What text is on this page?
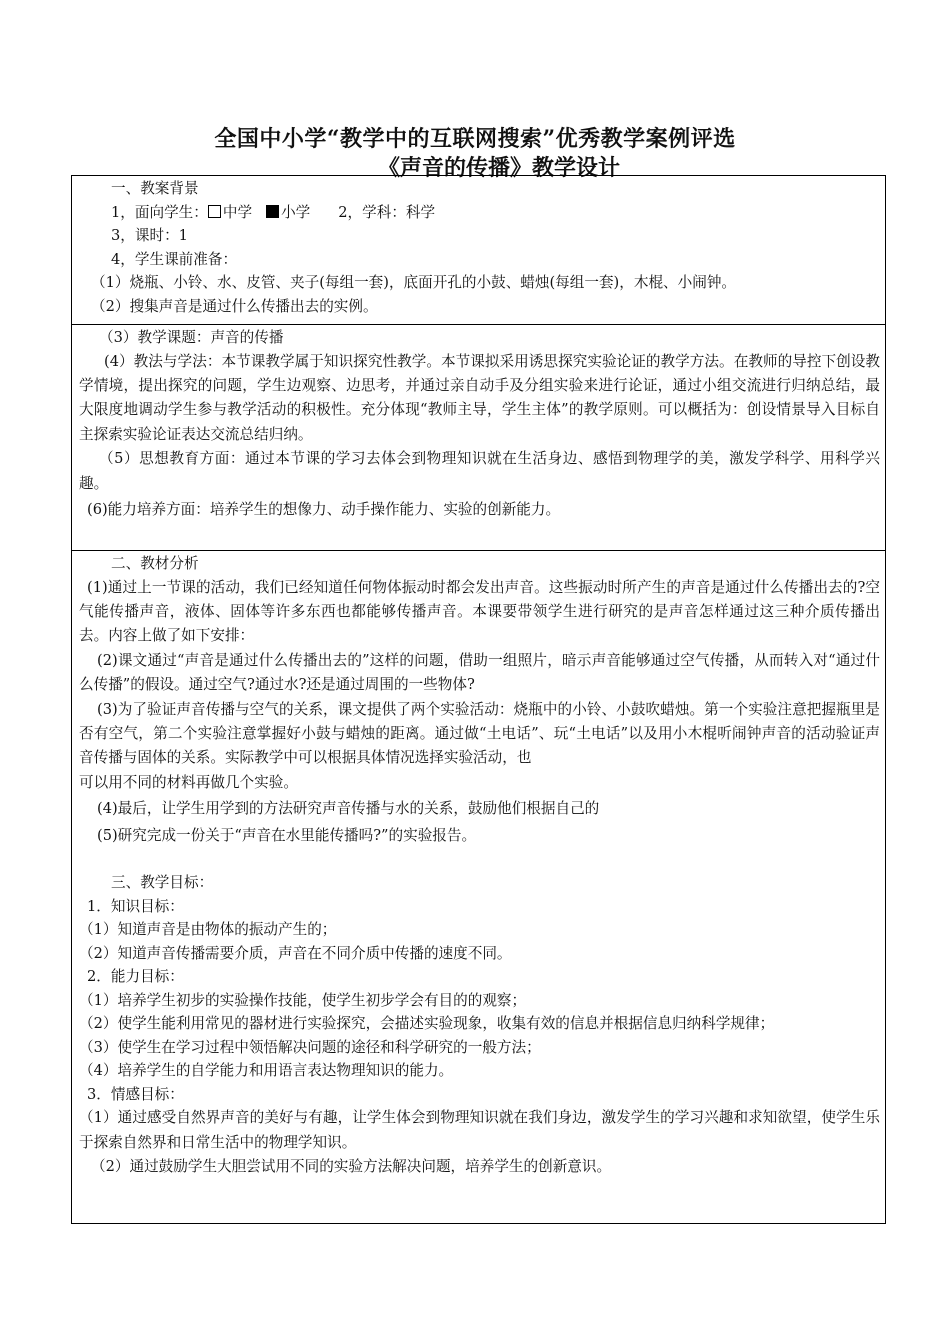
全国中小学“教学中的互联网搜索”优秀教学案例评选
《声音的传播》教学设计
一、教案背景
1，面向学生： 中学 小学 2，学科：科学
3，课时：1
4，学生课前准备：
（1）烧瓶、小铃、水、皮管、夹子(每组一套)，底面开孔的小鼓、蜡烛(每组一套)，木棍、小闹钟。
（2）搜集声音是通过什么传播出去的实例。
（3）教学课题：声音的传播
(4）教法与学法：本节课教学属于知识探究性教学。本节课拟采用诱思探究实验论证的教学方法。在教师的导控下创设教学情境，提出探究的问题，学生边观察、边思考，并通过亲自动手及分组实验来进行论证，通过小组交流进行归纳总结，最大限度地调动学生参与教学活动的积极性。充分体现“教师主导，学生主体”的教学原则。可以概括为：创设情景导入目标自主探索实验论证表达交流总结归纳。
（5）思想教育方面：通过本节课的学习去体会到物理知识就在生活身边、感悟到物理学的美，激发学科学、用科学兴趣。
(6)能力培养方面：培养学生的想像力、动手操作能力、实验的创新能力。
二、教材分析
(1)通过上一节课的活动，我们已经知道任何物体振动时都会发出声音。这些振动时所产生的声音是通过什么传播出去的?空气能传播声音，液体、固体等许多东西也都能够传播声音。本课要带领学生进行研究的是声音怎样通过这三种介质传播出去。内容上做了如下安排：
(2)课文通过“声音是通过什么传播出去的”这样的问题，借助一组照片，暗示声音能够通过空气传播，从而转入对“通过什么传播”的假设。通过空气?通过水?还是通过周围的一些物体?
(3)为了验证声音传播与空气的关系，课文提供了两个实验活动：烧瓶中的小铃、小鼓吹蜡烛。第一个实验注意把握瓶里是否有空气，第二个实验注意掌握好小鼓与蜡烛的距离。通过做“土电话”、玩“土电话”以及用小木棍听闹钟声音的活动验证声音传播与固体的关系。实际教学中可以根据具体情况选择实验活动，也
可以用不同的材料再做几个实验。
(4)最后，让学生用学到的方法研究声音传播与水的关系，鼓励他们根据自己的
(5)研究完成一份关于“声音在水里能传播吗?”的实验报告。
三、教学目标：
1．知识目标：
（1）知道声音是由物体的振动产生的；
（2）知道声音传播需要介质，声音在不同介质中传播的速度不同。
2．能力目标：
（1）培养学生初步的实验操作技能，使学生初步学会有目的的观察；
（2）使学生能利用常见的器材进行实验探究，会描述实验现象，收集有效的信息并根据信息归纳科学规律；
（3）使学生在学习过程中领悟解决问题的途径和科学研究的一般方法；
（4）培养学生的自学能力和用语言表达物理知识的能力。
3．情感目标：
（1）通过感受自然界声音的美好与有趣，让学生体会到物理知识就在我们身边，激发学生的学习兴趣和求知欲望，使学生乐于探索自然界和日常生活中的物理学知识。
（2）通过鼓励学生大胆尝试用不同的实验方法解决问题，培养学生的创新意识。
